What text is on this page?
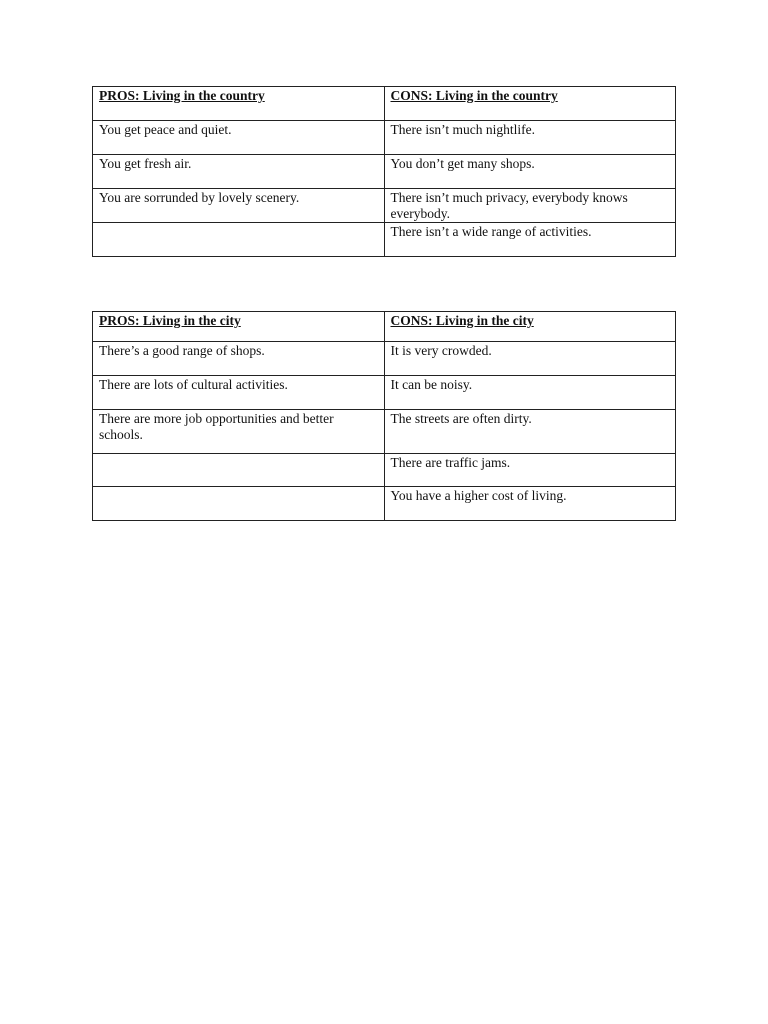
PROS: Living in the country	CONS: Living in the country
You get peace and quiet.	There isn’t much nightlife.
You get fresh air.	You don’t get many shops.
You are sorrunded by lovely scenery.	There isn’t much privacy, everybody knows everybody.
	There isn’t a wide range of activities.
PROS: Living in the city	CONS: Living in the city
There’s a good range of shops.	It is very crowded.
There are lots of cultural activities.	It can be noisy.
There are more job opportunities and better schools.	The streets are often dirty.
	There are traffic jams.
	You have a higher cost of living.
